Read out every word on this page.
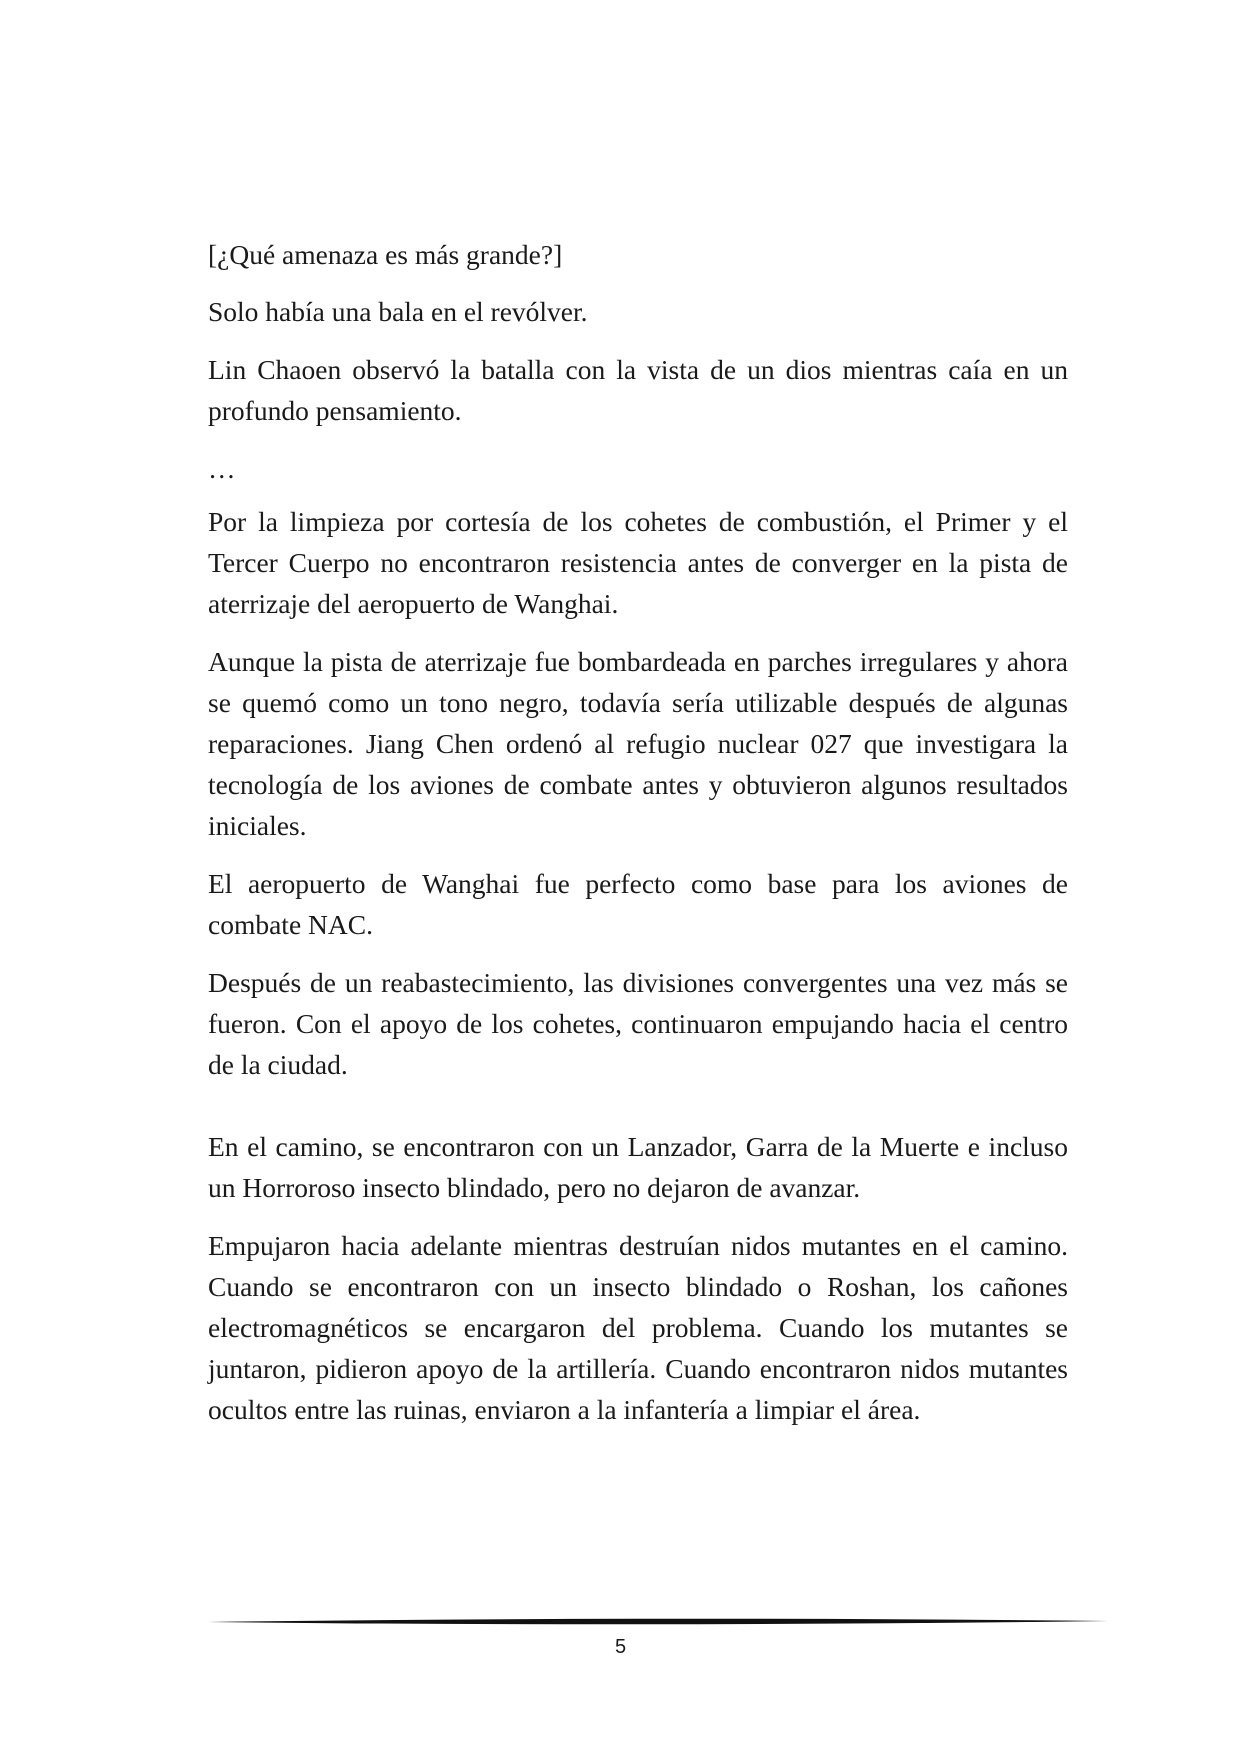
[¿Qué amenaza es más grande?]

Solo había una bala en el revólver.

Lin Chaoen observó la batalla con la vista de un dios mientras caía en un profundo pensamiento.

…

Por la limpieza por cortesía de los cohetes de combustión, el Primer y el Tercer Cuerpo no encontraron resistencia antes de converger en la pista de aterrizaje del aeropuerto de Wanghai.

Aunque la pista de aterrizaje fue bombardeada en parches irregulares y ahora se quemó como un tono negro, todavía sería utilizable después de algunas reparaciones. Jiang Chen ordenó al refugio nuclear 027 que investigara la tecnología de los aviones de combate antes y obtuvieron algunos resultados iniciales.

El aeropuerto de Wanghai fue perfecto como base para los aviones de combate NAC.

Después de un reabastecimiento, las divisiones convergentes una vez más se fueron. Con el apoyo de los cohetes, continuaron empujando hacia el centro de la ciudad.

En el camino, se encontraron con un Lanzador, Garra de la Muerte e incluso un Horroroso insecto blindado, pero no dejaron de avanzar.

Empujaron hacia adelante mientras destruían nidos mutantes en el camino. Cuando se encontraron con un insecto blindado o Roshan, los cañones electromagnéticos se encargaron del problema. Cuando los mutantes se juntaron, pidieron apoyo de la artillería. Cuando encontraron nidos mutantes ocultos entre las ruinas, enviaron a la infantería a limpiar el área.

5
